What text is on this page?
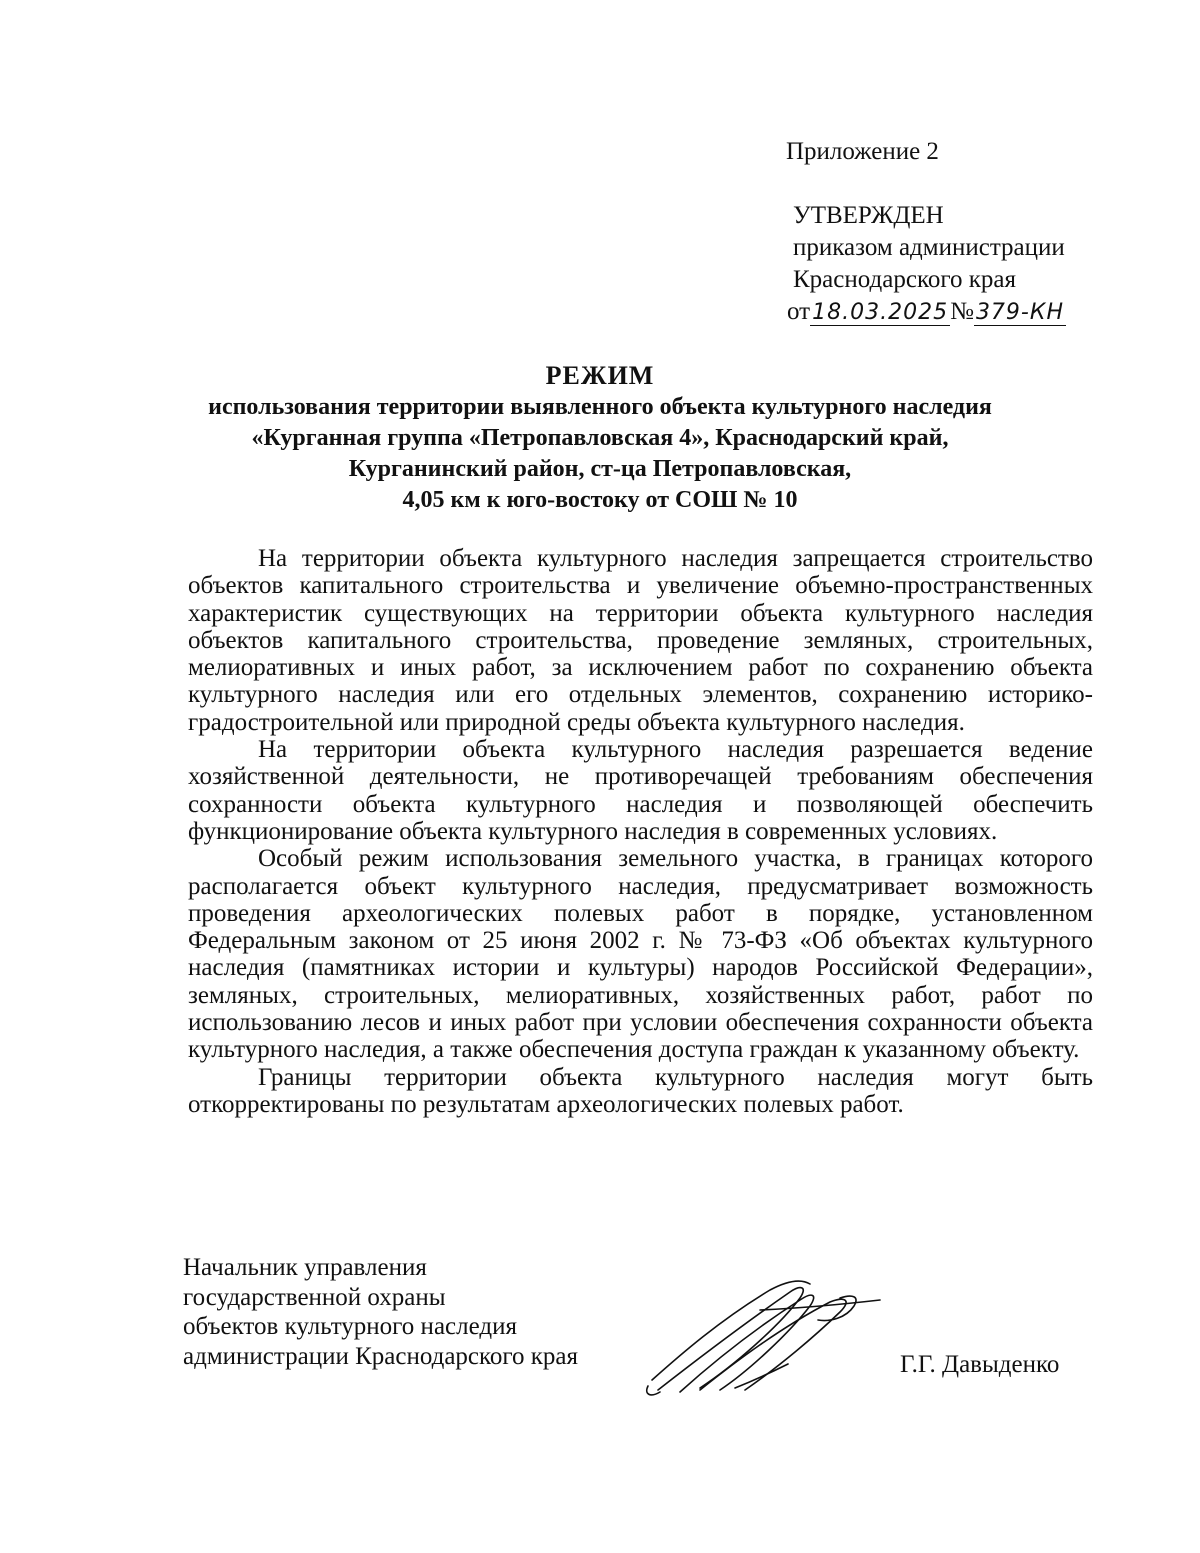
Приложение 2
УТВЕРЖДЕН
приказом администрации
Краснодарского края
от18.03.2025№379-КН
РЕЖИМ
использования территории выявленного объекта культурного наследия
«Курганная группа «Петропавловская 4», Краснодарский край,
Курганинский район, ст-ца Петропавловская,
4,05 км к юго-востоку от СОШ № 10

На территории объекта культурного наследия запрещается строительство объектов капитального строительства и увеличение объемно-пространственных характеристик существующих на территории объекта культурного наследия объектов капитального строительства, проведение земляных, строительных, мелиоративных и иных работ, за исключением работ по сохранению объекта культурного наследия или его отдельных элементов, сохранению историко-градостроительной или природной среды объекта культурного наследия.

На территории объекта культурного наследия разрешается ведение хозяйственной деятельности, не противоречащей требованиям обеспечения сохранности объекта культурного наследия и позволяющей обеспечить функционирование объекта культурного наследия в современных условиях.

Особый режим использования земельного участка, в границах которого располагается объект культурного наследия, предусматривает возможность проведения археологических полевых работ в порядке, установленном Федеральным законом от 25 июня 2002 г. № 73-ФЗ «Об объектах культурного наследия (памятниках истории и культуры) народов Российской Федерации», земляных, строительных, мелиоративных, хозяйственных работ, работ по использованию лесов и иных работ при условии обеспечения сохранности объекта культурного наследия, а также обеспечения доступа граждан к указанному объекту.

Границы территории объекта культурного наследия могут быть откорректированы по результатам археологических полевых работ.

Начальник управления
государственной охраны
объектов культурного наследия
администрации Краснодарского края	Г.Г. Давыденко
